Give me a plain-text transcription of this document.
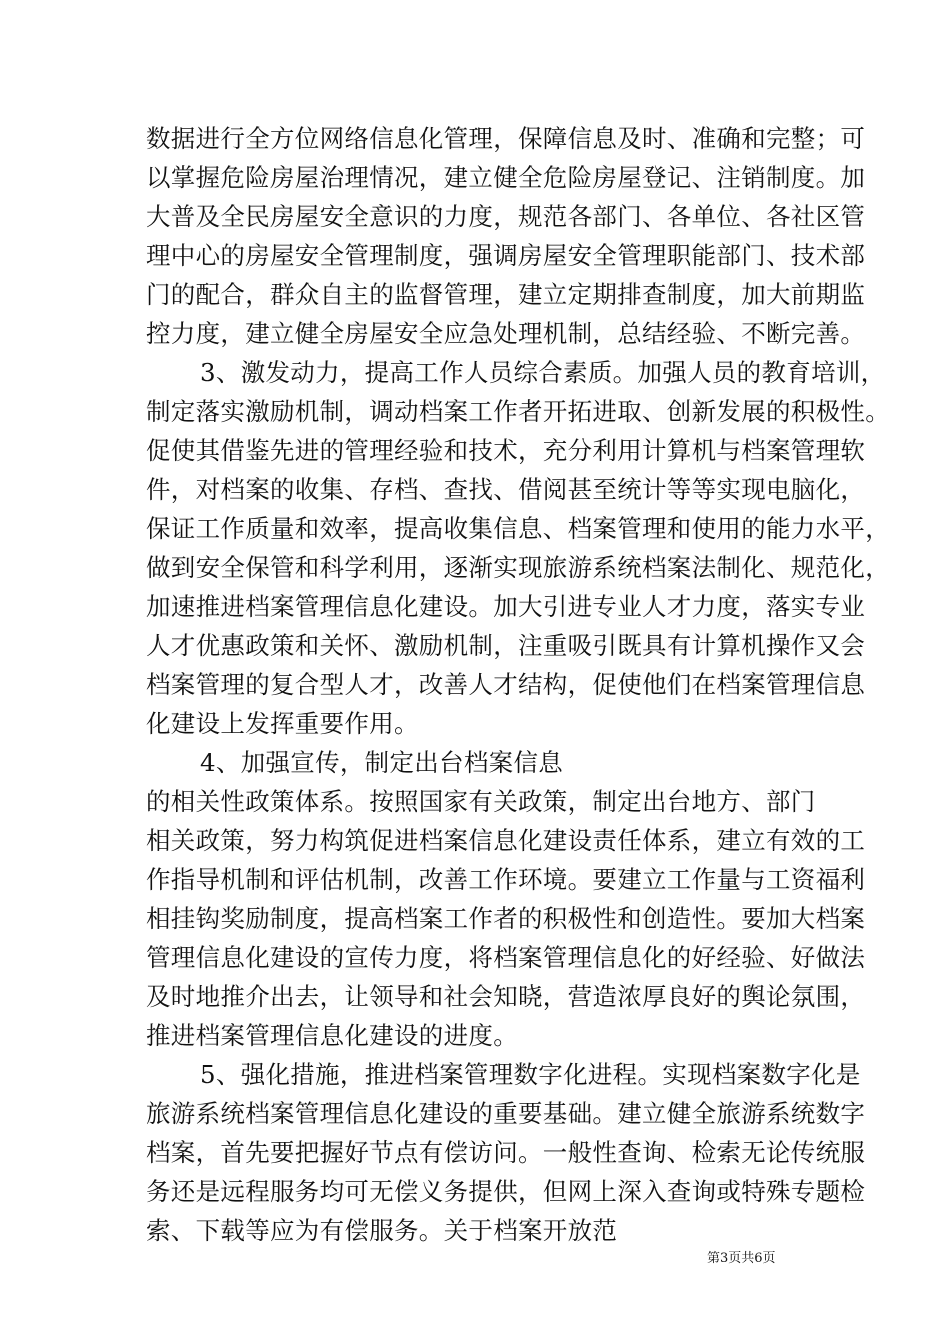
数据进行全方位网络信息化管理，保障信息及时、准确和完整；可
以掌握危险房屋治理情况，建立健全危险房屋登记、注销制度。加
大普及全民房屋安全意识的力度，规范各部门、各单位、各社区管
理中心的房屋安全管理制度，强调房屋安全管理职能部门、技术部
门的配合，群众自主的监督管理，建立定期排查制度，加大前期监
控力度，建立健全房屋安全应急处理机制，总结经验、不断完善。
3、激发动力，提高工作人员综合素质。加强人员的教育培训，
制定落实激励机制，调动档案工作者开拓进取、创新发展的积极性。
促使其借鉴先进的管理经验和技术，充分利用计算机与档案管理软
件，对档案的收集、存档、查找、借阅甚至统计等等实现电脑化，
保证工作质量和效率，提高收集信息、档案管理和使用的能力水平，
做到安全保管和科学利用，逐渐实现旅游系统档案法制化、规范化，
加速推进档案管理信息化建设。加大引进专业人才力度，落实专业
人才优惠政策和关怀、激励机制，注重吸引既具有计算机操作又会
档案管理的复合型人才，改善人才结构，促使他们在档案管理信息
化建设上发挥重要作用。
4、加强宣传，制定出台档案信息
的相关性政策体系。按照国家有关政策，制定出台地方、部门
相关政策，努力构筑促进档案信息化建设责任体系，建立有效的工
作指导机制和评估机制，改善工作环境。要建立工作量与工资福利
相挂钩奖励制度，提高档案工作者的积极性和创造性。要加大档案
管理信息化建设的宣传力度，将档案管理信息化的好经验、好做法
及时地推介出去，让领导和社会知晓，营造浓厚良好的舆论氛围，
推进档案管理信息化建设的进度。
5、强化措施，推进档案管理数字化进程。实现档案数字化是
旅游系统档案管理信息化建设的重要基础。建立健全旅游系统数字
档案，首先要把握好节点有偿访问。一般性查询、检索无论传统服
务还是远程服务均可无偿义务提供，但网上深入查询或特殊专题检
索、下载等应为有偿服务。关于档案开放范
第3页共6页
